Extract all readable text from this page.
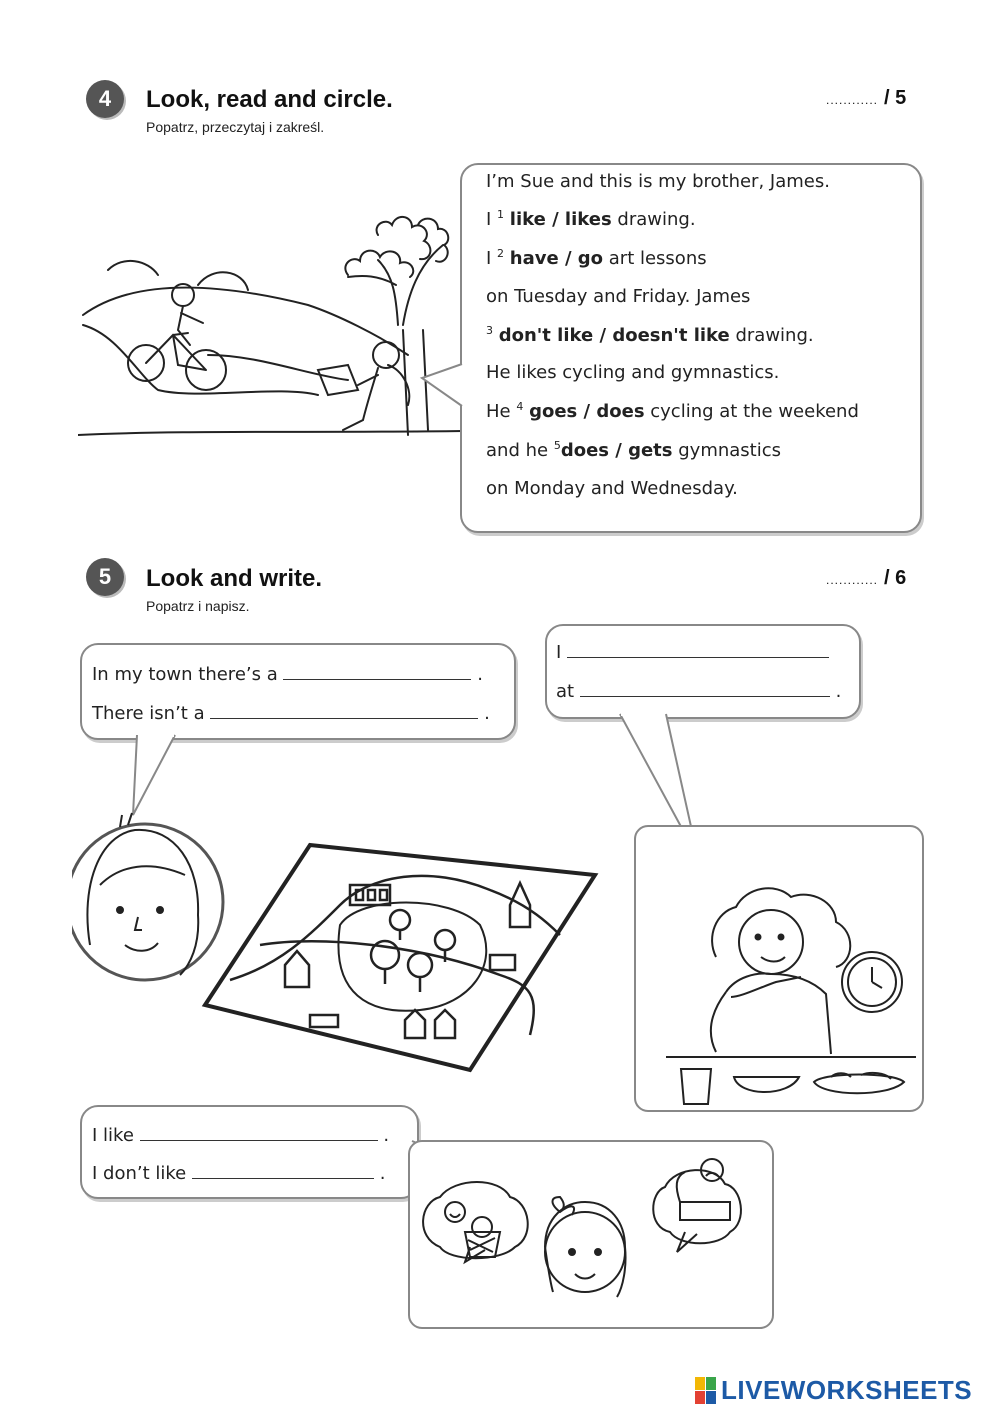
4	Look, read and circle.
Popatrz, przeczytaj i zakreśl.
............ / 5
I’m Sue and this is my brother, James.
I $^1$ like / likes drawing.
I $^2$ have / go art lessons
on Tuesday and Friday. James
$^3$ don't like / doesn't like drawing.
He likes cycling and gymnastics.
He $^4$ goes / does cycling at the weekend
and he $^5$does / gets gymnastics
on Monday and Wednesday.
5	Look and write.
Popatrz i napisz.
............ / 6
In my town there’s a	.
There isn’t a	.
I
at	.
I like	.
I don’t like	.
LIVEWORKSHEETS
